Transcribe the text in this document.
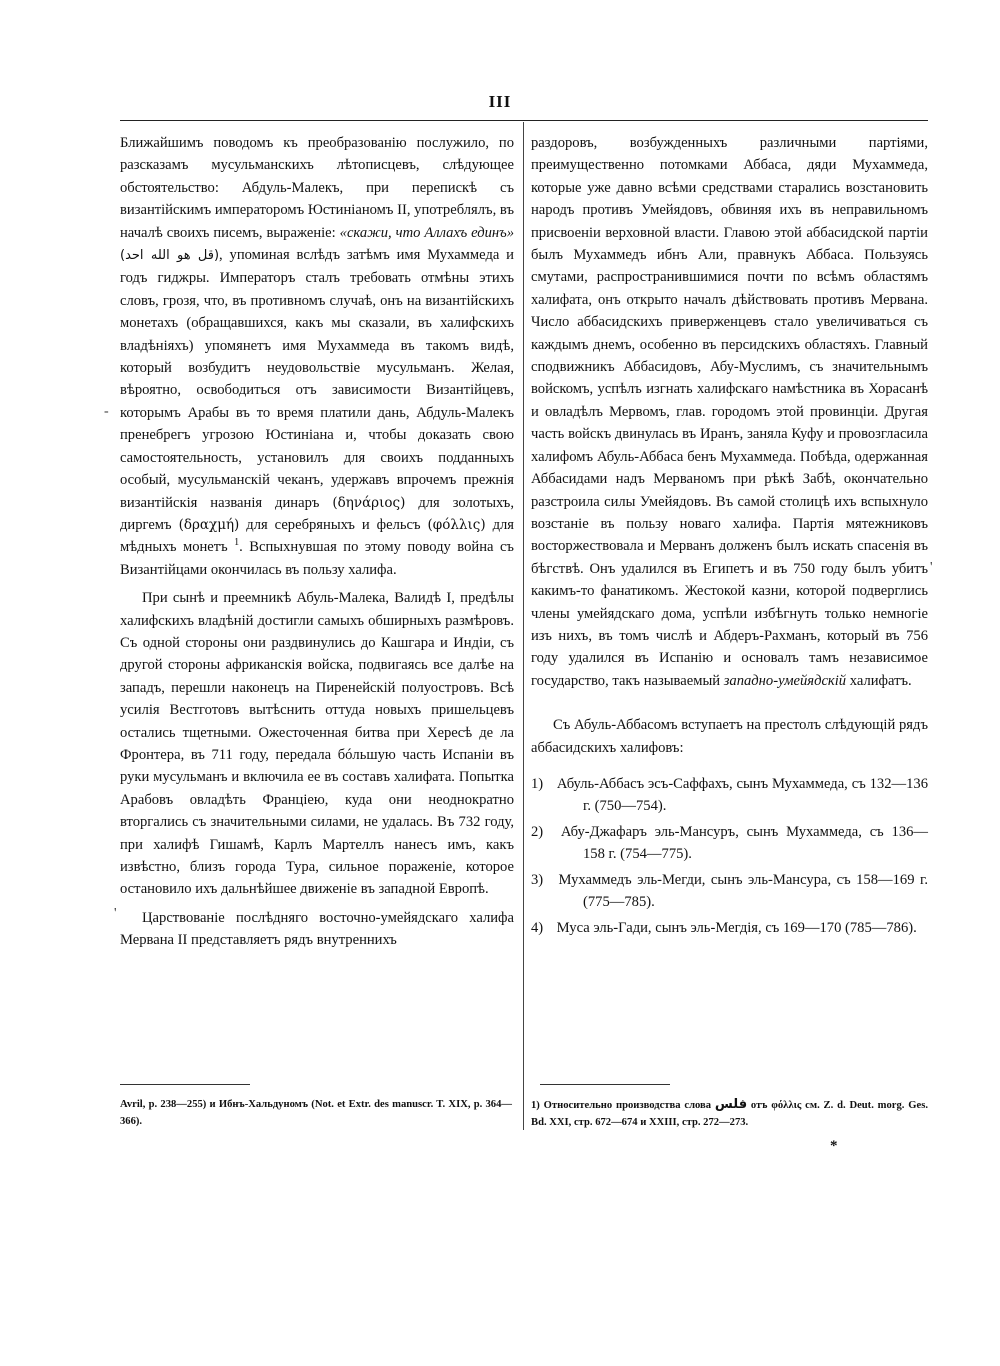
III

Ближайшимъ поводомъ къ преобразованію послужило, по разсказамъ мусульманскихъ лѣтописцевъ, слѣдующее обстоятельство: Абдуль-Малекъ, при перепискѣ съ византійскимъ императоромъ Юстиніаномъ II, употреблялъ, въ началѣ своихъ писемъ, выраженіе: «скажи, что Аллахъ единъ» (قل هو الله احد), упоминая вслѣдъ затѣмъ имя Мухаммеда и годъ гиджры. Императоръ сталъ требовать отмѣны этихъ словъ, грозя, что, въ противномъ случаѣ, онъ на византійскихъ монетахъ (обращавшихся, какъ мы сказали, въ халифскихъ владѣніяхъ) упомянетъ имя Мухаммеда въ такомъ видѣ, который возбудитъ неудовольствіе мусульманъ. Желая, вѣроятно, освободиться отъ зависимости Византійцевъ, которымъ Арабы въ то время платили дань, Абдуль-Малекъ пренебрегъ угрозою Юстиніана и, чтобы доказать свою самостоятельность, установилъ для своихъ подданныхъ особый, мусульманскій чеканъ, удержавъ впрочемъ прежнія византійскія названія динаръ (δηνάριος) для золотыхъ, диргемъ (δραχμή) для серебряныхъ и фельсъ (φόλλις) для мѣдныхъ монетъ $^1$. Вспыхнувшая по этому поводу война съ Византійцами окончилась въ пользу халифа.

При сынѣ и преемникѣ Абуль-Малека, Валидѣ I, предѣлы халифскихъ владѣній достигли самыхъ обширныхъ размѣровъ. Съ одной стороны они раздвинулись до Кашгара и Индіи, съ другой стороны африканскія войска, подвигаясь все далѣе на западъ, перешли наконецъ на Пиренейскій полуостровъ. Всѣ усилія Вестготовъ вытѣснить оттуда новыхъ пришельцевъ остались тщетными. Ожесточенная битва при Xepecѣ де ла Фронтера, въ 711 году, передала бóльшую часть Испаніи въ руки мусульманъ и включила ее въ составъ халифата. Попытка Арабовъ овладѣть Франціею, куда они неоднократно вторгались съ значительными силами, не удалась. Въ 732 году, при халифѣ Гишамѣ, Карлъ Мартеллъ нанесъ имъ, какъ извѣстно, близъ города Тура, сильное пораженіе, которое остановило ихъ дальнѣйшее движеніе въ западной Европѣ.

Царствованіе послѣдняго восточно-умейядскаго халифа Мервана II представляетъ рядъ внутреннихъ

раздоровъ, возбужденныхъ различными партіями, преимущественно потомками Аббаса, дяди Мухаммеда, которые уже давно всѣми средствами старались возстановить народъ противъ Умейядовъ, обвиняя ихъ въ неправильномъ присвоеніи верховной власти. Главою этой аббасидской партіи былъ Мухаммедъ ибнъ Али, правнукъ Аббаса. Пользуясь смутами, распространившимися почти по всѣмъ областямъ халифата, онъ открыто началъ дѣйствовать противъ Мервана. Число аббасидскихъ приверженцевъ стало увеличиваться съ каждымъ днемъ, особенно въ персидскихъ областяхъ. Главный сподвижникъ Аббасидовъ, Абу-Муслимъ, съ значительнымъ войскомъ, успѣлъ изгнать халифскаго намѣстника въ Хорасанѣ и овладѣлъ Мервомъ, глав. городомъ этой провинціи. Другая часть войскъ двинулась въ Иранъ, заняла Куфу и провозгласила халифомъ Абуль-Аббаса бенъ Мухаммеда. Побѣда, одержанная Аббасидами надъ Мерваномъ при рѣкѣ Забѣ, окончательно разстроила силы Умейядовъ. Въ самой столицѣ ихъ вспыхнуло возстаніе въ пользу новаго халифа. Партія мятежниковъ восторжествовала и Мерванъ долженъ былъ искать спасенія въ бѣгствѣ. Онъ удалился въ Египетъ и въ 750 году былъ убитъ какимъ-то фанатикомъ. Жестокой казни, которой подверглись члены умейядскаго дома, успѣли избѣгнуть только немногіе изъ нихъ, въ томъ числѣ и Абдеръ-Рахманъ, который въ 756 году удалился въ Испанію и основалъ тамъ независимое государство, такъ называемый западно-умейядскій халифатъ.

Съ Абуль-Аббасомъ вступаетъ на престолъ слѣдующій рядъ аббасидскихъ халифовъ:

1) Абуль-Аббасъ эсъ-Саффахъ, сынъ Мухаммеда, съ 132—136 г. (750—754).
2) Абу-Джафаръ эль-Мансуръ, сынъ Мухаммеда, съ 136— 158 г. (754—775).
3) Мухаммедъ эль-Мегди, сынъ эль-Мансура, съ 158—169 г. (775—785).
4) Муса эль-Гади, сынъ эль-Мегдія, съ 169—170 (785—786).
Avril, p. 238—255) и Ибнъ-Хальдуномъ (Not. et Extr. des manuscr. T. XIX, p. 364—366).
1) Относительно производства слова فلس отъ φόλλις см. Z. d. Deut. morg. Ges. Bd. XXI, стр. 672—674 и XXIII, стр. 272—273.
*
-
'
'
